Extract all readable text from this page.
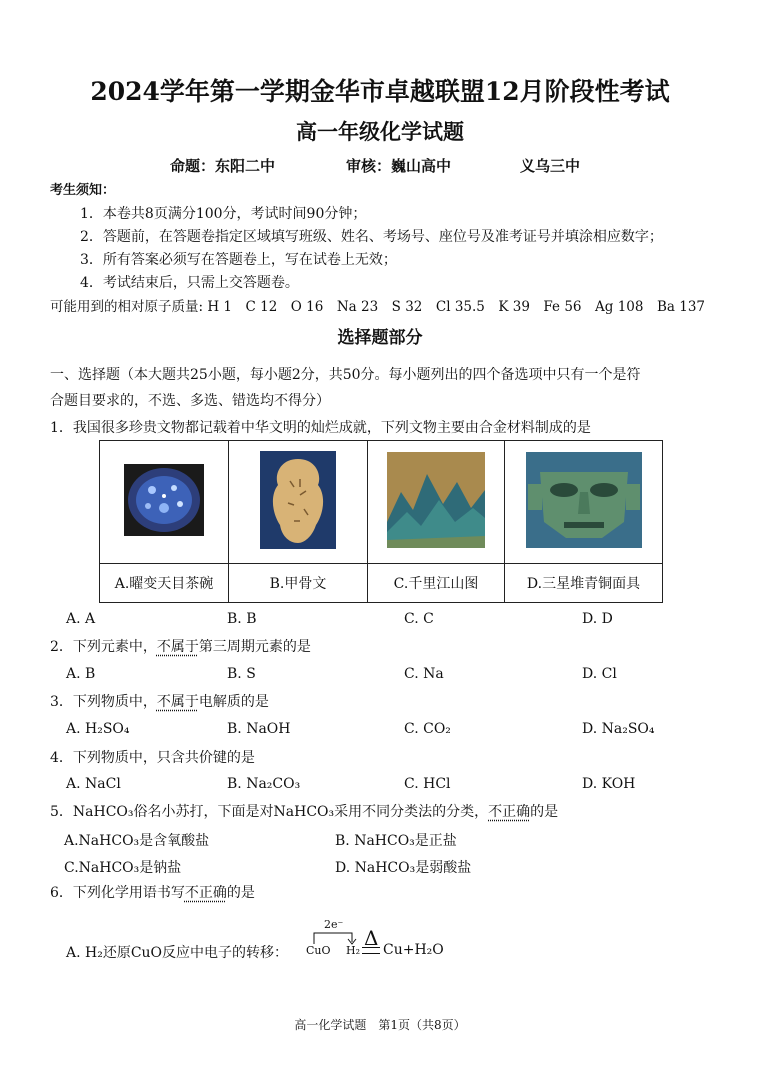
2024学年第一学期金华市卓越联盟12月阶段性考试
高一年级化学试题
命题：东阳二中	审核：巍山高中	义乌三中
考生须知：
1．本卷共8页满分100分，考试时间90分钟；
2．答题前，在答题卷指定区域填写班级、姓名、考场号、座位号及准考证号并填涂相应数字；
3．所有答案必须写在答题卷上，写在试卷上无效；
4．考试结束后，只需上交答题卷。
可能用到的相对原子质量: H 1　C 12　O 16　Na 23　S 32　Cl 35.5　K 39　Fe 56　Ag 108　Ba 137
选择题部分
一、选择题（本大题共25小题，每小题2分，共50分。每小题列出的四个备选项中只有一个是符
合题目要求的，不选、多选、错选均不得分）
1．我国很多珍贵文物都记载着中华文明的灿烂成就，下列文物主要由合金材料制成的是

A.曜变天目茶碗	B.甲骨文	C.千里江山图	D.三星堆青铜面具
A. A	B. B	C. C	D. D
2．下列元素中，不属于第三周期元素的是
A. B	B. S	C. Na	D. Cl
3．下列物质中，不属于电解质的是
A. H₂SO₄	B. NaOH	C. CO₂	D. Na₂SO₄
4．下列物质中，只含共价键的是
A. NaCl	B. Na₂CO₃	C. HCl	D. KOH
5．NaHCO₃俗名小苏打，下面是对NaHCO₃采用不同分类法的分类，不正确的是
A.NaHCO₃是含氧酸盐	B. NaHCO₃是正盐
C.NaHCO₃是钠盐	D. NaHCO₃是弱酸盐
6．下列化学用语书写不正确的是
A. H₂还原CuO反应中电子的转移：
2e⁻
CuO H₂
Δ Cu+H₂O
高一化学试题　第1页（共8页）
